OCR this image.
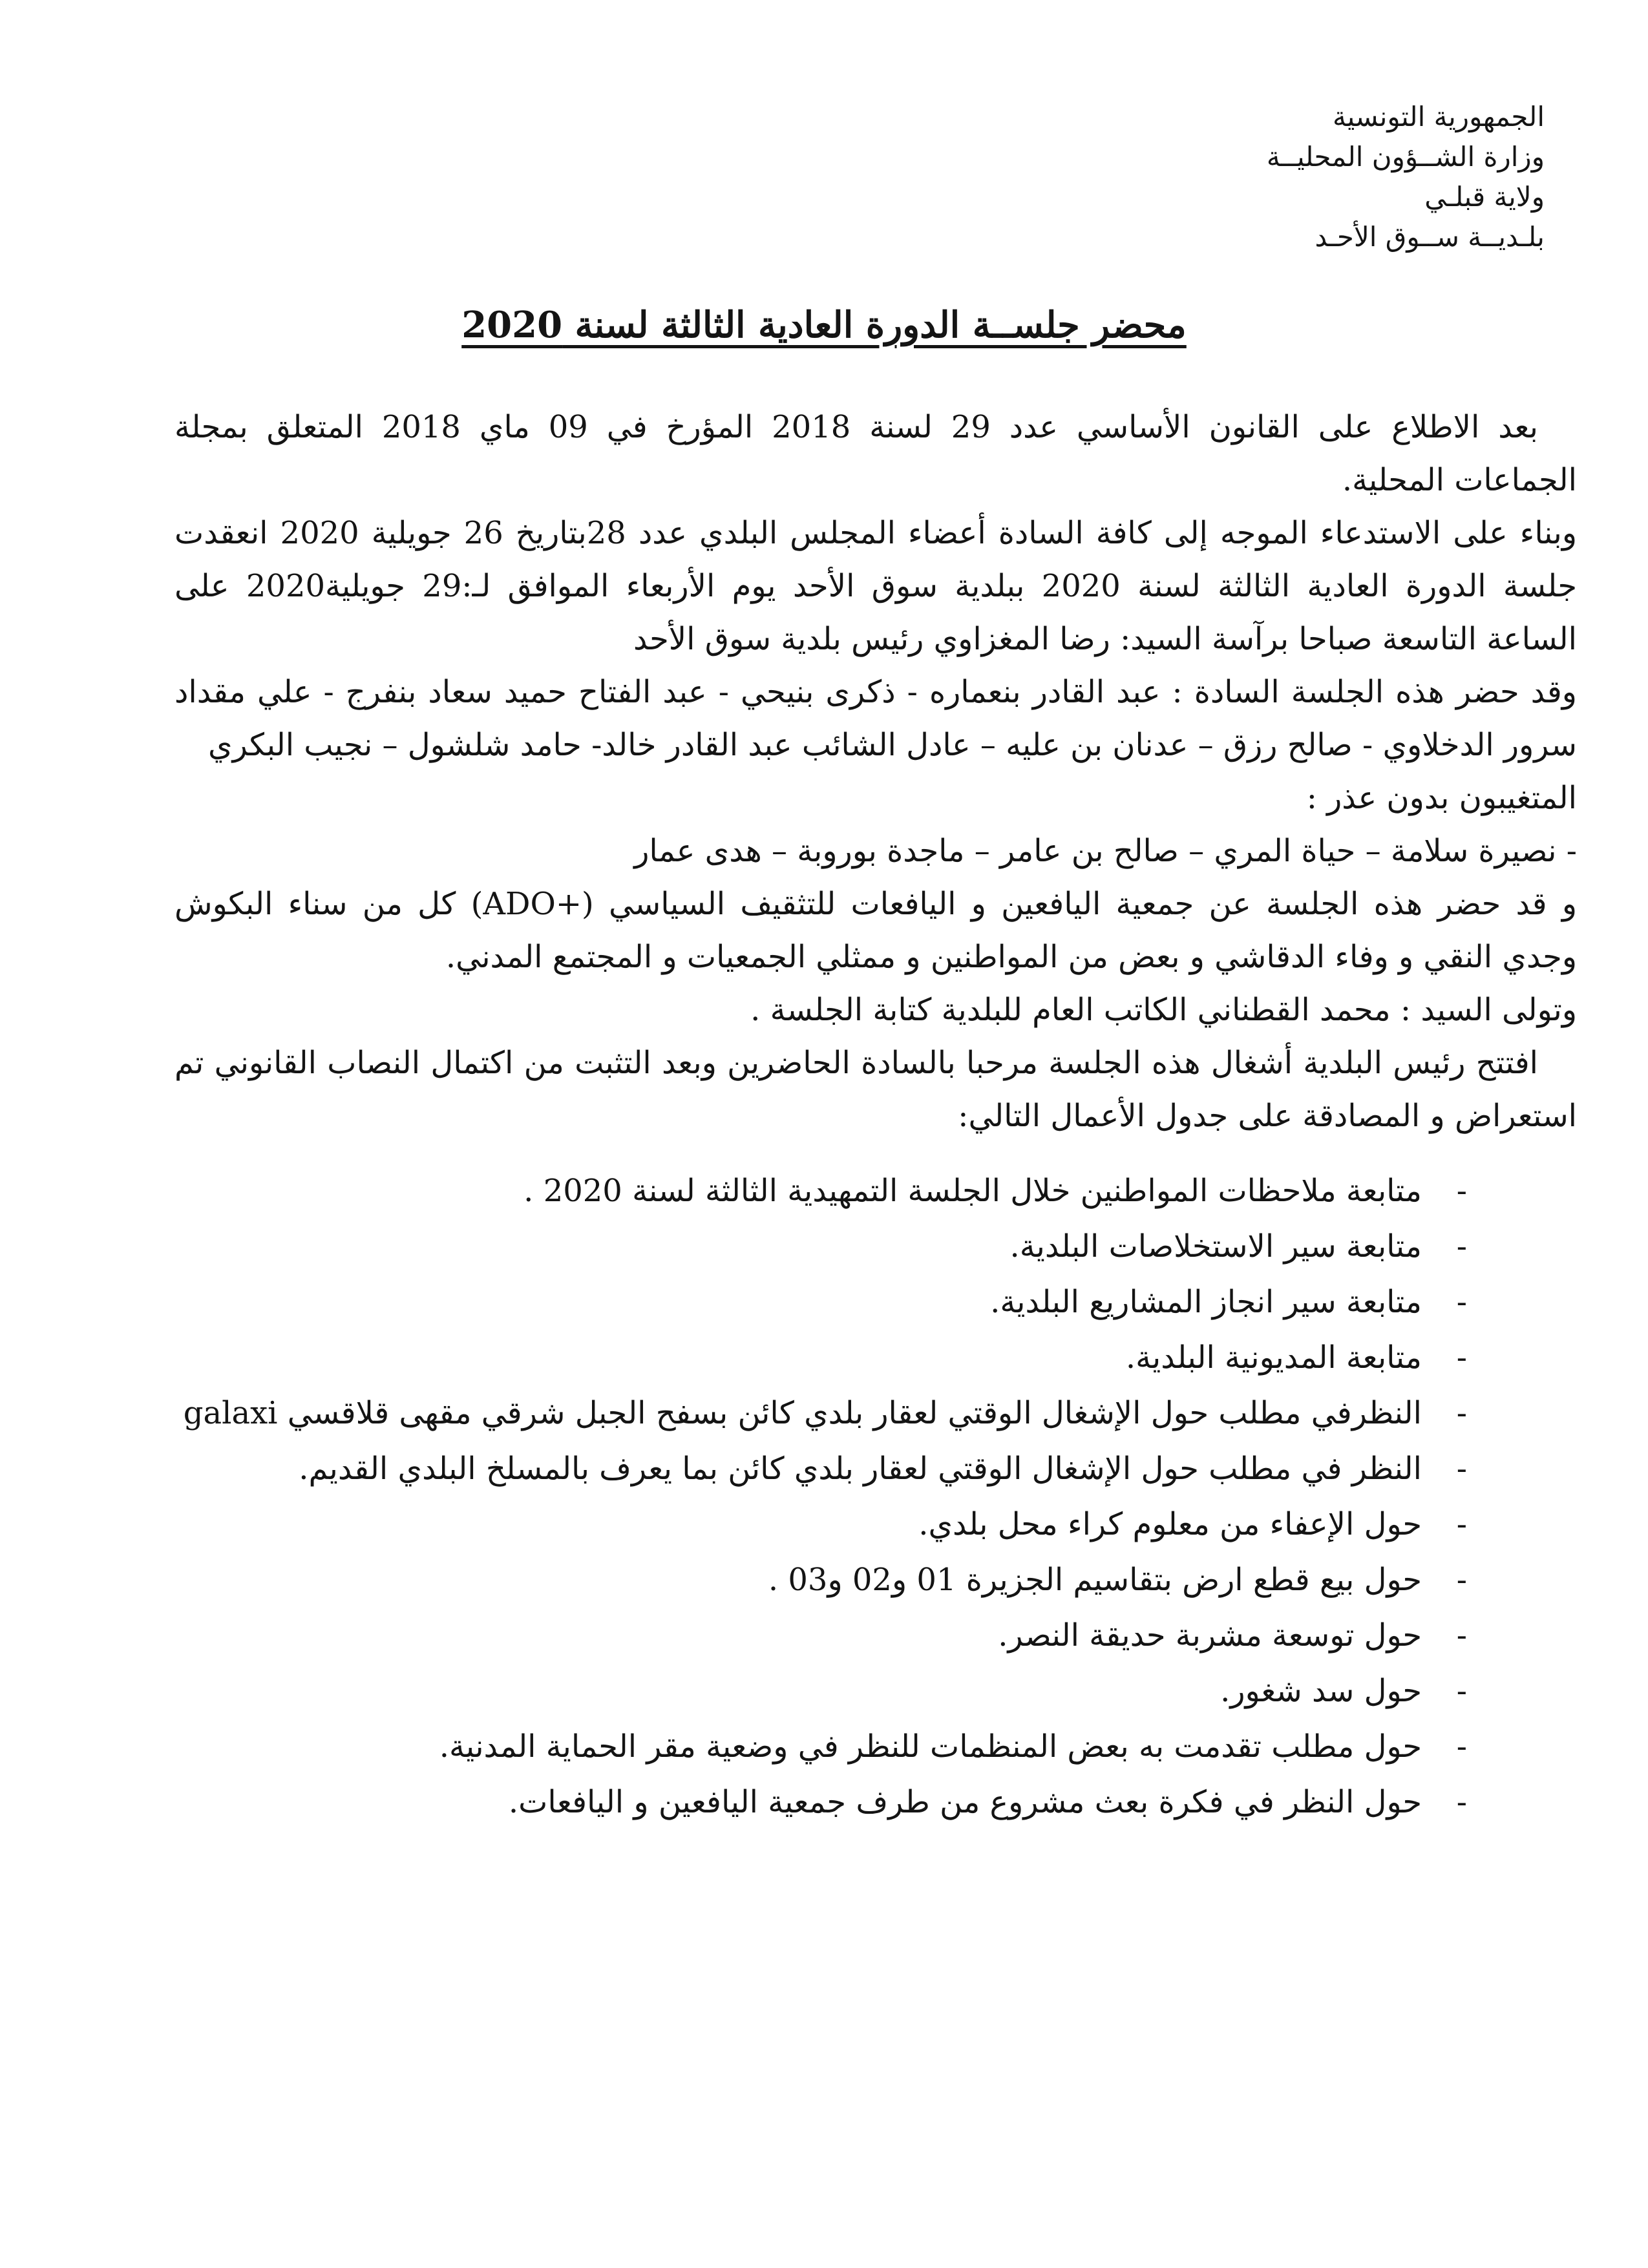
الجمهورية التونسية
وزارة الشــؤون المحليــة
ولاية قبلـي
بلـديــة ســوق الأحـد
محضر جلســة الدورة العادية الثالثة لسنة 2020

بعد الاطلاع على القانون الأساسي عدد 29 لسنة 2018 المؤرخ في 09 ماي 2018 المتعلق بمجلة الجماعات المحلية.

وبناء على الاستدعاء الموجه إلى كافة السادة أعضاء المجلس البلدي عدد 28بتاريخ 26 جويلية 2020 انعقدت جلسة الدورة العادية الثالثة لسنة 2020 ببلدية سوق الأحد يوم الأربعاء الموافق لـ:29 جويلية2020 على الساعة التاسعة صباحا برآسة السيد: رضا المغزاوي رئيس بلدية سوق الأحد

وقد حضر هذه الجلسة السادة : عبد القادر بنعماره - ذكرى بنيحي - عبد الفتاح حميد سعاد بنفرج - علي مقداد سرور الدخلاوي - صالح رزق – عدنان بن عليه – عادل الشائب عبد القادر خالد- حامد شلشول – نجيب البكري

المتغيبون بدون عذر :

- نصيرة سلامة – حياة المري – صالح بن عامر – ماجدة بوروبة – هدى عمار

و قد حضر هذه الجلسة عن جمعية اليافعين و اليافعات للتثقيف السياسي (+ADO) كل من سناء البكوش وجدي النقي و وفاء الدقاشي و بعض من المواطنين و ممثلي الجمعيات و المجتمع المدني.

وتولى السيد : محمد القطناني الكاتب العام للبلدية كتابة الجلسة .

افتتح رئيس البلدية أشغال هذه الجلسة مرحبا بالسادة الحاضرين وبعد التثبت من اكتمال النصاب القانوني تم استعراض و المصادقة على جدول الأعمال التالي:

-متابعة ملاحظات المواطنين خلال الجلسة التمهيدية الثالثة لسنة 2020 .
-متابعة سير الاستخلاصات البلدية.
-متابعة سير انجاز المشاريع البلدية.
-متابعة المديونية البلدية.
-النظرفي مطلب حول الإشغال الوقتي لعقار بلدي كائن بسفح الجبل شرقي مقهى قلاقسي galaxi
-النظر في مطلب حول الإشغال الوقتي لعقار بلدي كائن بما يعرف بالمسلخ البلدي القديم.
-حول الإعفاء من معلوم كراء محل بلدي.
-حول بيع قطع ارض بتقاسيم الجزيرة 01 و02 و03 .
-حول توسعة مشربة حديقة النصر.
-حول سد شغور.
-حول مطلب تقدمت به بعض المنظمات للنظر في وضعية مقر الحماية المدنية.
-حول النظر في فكرة بعث مشروع من طرف جمعية اليافعين و اليافعات.
